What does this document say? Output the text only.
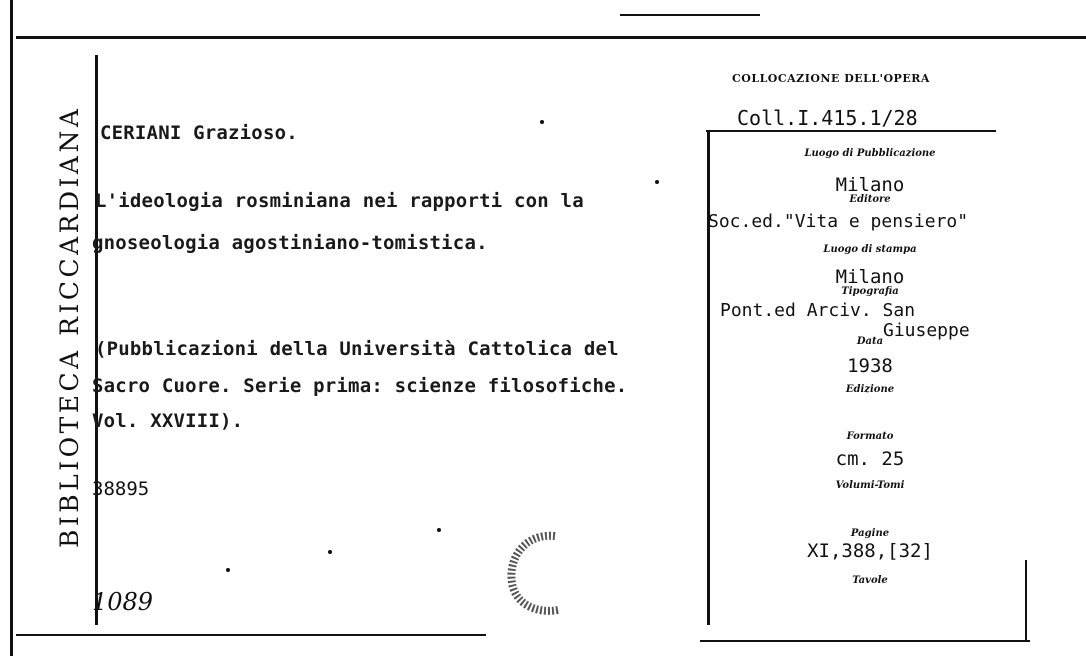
BIBLIOTECA RICCARDIANA CERIANI Grazioso.
L'ideologia rosminiana nei rapporti con la
gnoseologia agostiniano-tomistica.
(Pubblicazioni della Università Cattolica del
Sacro Cuore. Serie prima: scienze filosofiche.
Vol. XXVIII).
38895
1089
COLLOCAZIONE DELL'OPERA
Coll.I.415.1/28
Luogo di Pubblicazione
Milano
Editore
Soc.ed."Vita e pensiero"
Luogo di stampa
Milano
Tipografia
Pont.ed Arciv. San
Giuseppe
Data
1938
Edizione
Formato
cm. 25
Volumi-Tomi
Pagine
XI,388,[32]
Tavole
